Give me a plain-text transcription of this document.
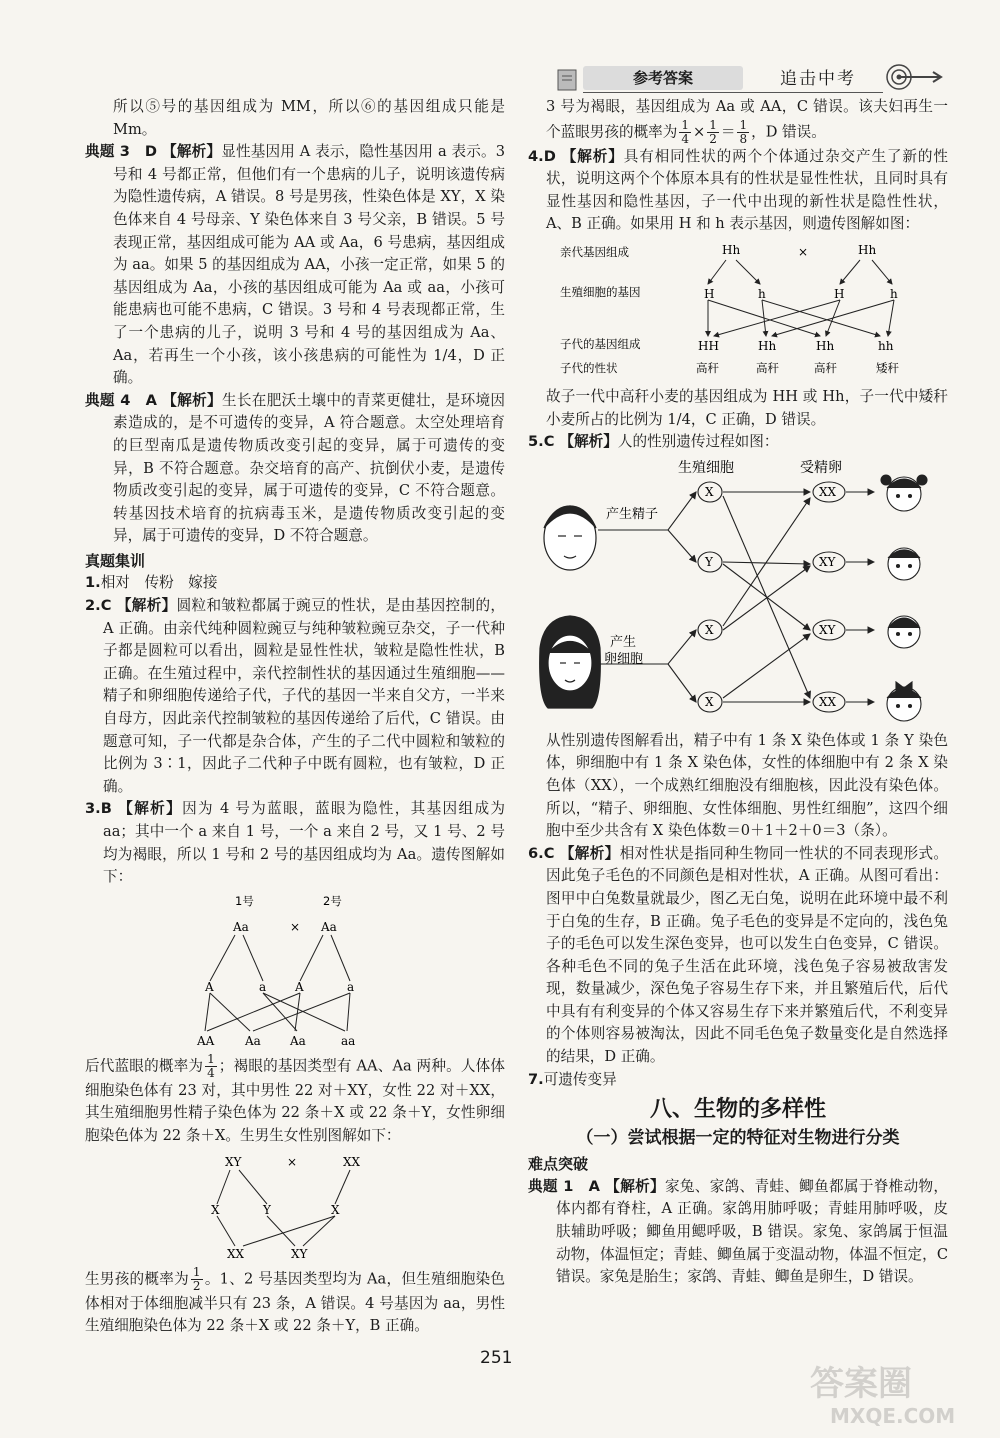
参考答案	追击中考
所以⑤号的基因组成为 MM，所以⑥的基因组成只能是 Mm。
典题 3　D 【解析】显性基因用 A 表示，隐性基因用 a 表示。3 号和 4 号都正常，但他们有一个患病的儿子，说明该遗传病为隐性遗传病，A 错误。8 号是男孩，性染色体是 XY，X 染色体来自 4 号母亲、Y 染色体来自 3 号父亲，B 错误。5 号表现正常，基因组成可能为 AA 或 Aa，6 号患病，基因组成为 aa。如果 5 的基因组成为 AA，小孩一定正常，如果 5 的基因组成为 Aa，小孩的基因组成可能为 Aa 或 aa，小孩可能患病也可能不患病，C 错误。3 号和 4 号表现都正常，生了一个患病的儿子，说明 3 号和 4 号的基因组成为 Aa、Aa，若再生一个小孩，该小孩患病的可能性为 1/4，D 正确。
典题 4　A 【解析】生长在肥沃土壤中的青菜更健壮，是环境因素造成的，是不可遗传的变异，A 符合题意。太空处理培育的巨型南瓜是遗传物质改变引起的变异，属于可遗传的变异，B 不符合题意。杂交培育的高产、抗倒伏小麦，是遗传物质改变引起的变异，属于可遗传的变异，C 不符合题意。转基因技术培育的抗病毒玉米，是遗传物质改变引起的变异，属于可遗传的变异，D 不符合题意。
真题集训
1.相对　传粉　嫁接
2.C 【解析】圆粒和皱粒都属于豌豆的性状，是由基因控制的，A 正确。由亲代纯种圆粒豌豆与纯种皱粒豌豆杂交，子一代种子都是圆粒可以看出，圆粒是显性性状，皱粒是隐性性状，B 正确。在生殖过程中，亲代控制性状的基因通过生殖细胞——精子和卵细胞传递给子代，子代的基因一半来自父方，一半来自母方，因此亲代控制皱粒的基因传递给了后代，C 错误。由题意可知，子一代都是杂合体，产生的子二代中圆粒和皱粒的比例为 3∶1，因此子二代种子中既有圆粒，也有皱粒，D 正确。
3.B 【解析】因为 4 号为蓝眼，蓝眼为隐性，其基因组成为 aa；其中一个 a 来自 1 号，一个 a 来自 2 号，又 1 号、2 号均为褐眼，所以 1 号和 2 号的基因组成均为 Aa。遗传图解如下：
1号	2号
Aa	× Aa
A	a A	a
AA	Aa Aa	aa
后代蓝眼的概率为 $\frac{1}{4}$ ；褐眼的基因类型有 AA、Aa 两种。人体体细胞染色体有 23 对，其中男性 22 对＋XY，女性 22 对＋XX，其生殖细胞男性精子染色体为 22 条＋X 或 22 条＋Y，女性卵细胞染色体为 22 条＋X。生男生女性别图解如下：
XY	×	XX
X	Y	X
XX	XY
生男孩的概率为 $\frac{1}{2}$ 。1、2 号基因类型均为 Aa，但生殖细胞染色体相对于体细胞减半只有 23 条，A 错误。4 号基因为 aa，男性生殖细胞染色体为 22 条＋X 或 22 条＋Y，B 正确。
3 号为褐眼，基因组成为 Aa 或 AA，C 错误。该夫妇再生一个蓝眼男孩的概率为 $\frac{1}{4} \times \frac{1}{2} = \frac{1}{8}$ ，D 错误。
4.D 【解析】具有相同性状的两个个体通过杂交产生了新的性状，说明这两个个体原本具有的性状是显性性状，且同时具有显性基因和隐性基因，子一代中出现的新性状是隐性性状，A、B 正确。如果用 H 和 h 表示基因，则遗传图解如图：
亲代基因组成
生殖细胞的基因
子代的基因组成
子代的性状
Hh	×	Hh
H	h	H	h
HH	Hh	Hh	hh
高秆	高秆	高秆	矮秆
故子一代中高秆小麦的基因组成为 HH 或 Hh，子一代中矮秆小麦所占的比例为 1/4，C 正确，D 错误。
5.C 【解析】人的性别遗传过程如图：
生殖细胞	受精卵
产生精子
产生
卵细胞
X
Y
X
X
XX
XY
XY
XX
从性别遗传图解看出，精子中有 1 条 X 染色体或 1 条 Y 染色体，卵细胞中有 1 条 X 染色体，女性的体细胞中有 2 条 X 染色体（XX），一个成熟红细胞没有细胞核，因此没有染色体。所以，“精子、卵细胞、女性体细胞、男性红细胞”，这四个细胞中至少共含有 X 染色体数＝0＋1＋2＋0＝3（条）。
6.C 【解析】相对性状是指同种生物同一性状的不同表现形式。因此兔子毛色的不同颜色是相对性状，A 正确。从图可看出：图甲中白兔数量就最少，图乙无白兔，说明在此环境中最不利于白兔的生存，B 正确。兔子毛色的变异是不定向的，浅色兔子的毛色可以发生深色变异，也可以发生白色变异，C 错误。各种毛色不同的兔子生活在此环境，浅色兔子容易被敌害发现，数量减少，深色兔子容易生存下来，并且繁殖后代，后代中具有有利变异的个体又容易生存下来并繁殖后代，不利变异的个体则容易被淘汰，因此不同毛色兔子数量变化是自然选择的结果，D 正确。
7.可遗传变异
八、生物的多样性
（一）尝试根据一定的特征对生物进行分类
难点突破
典题 1　A 【解析】家兔、家鸽、青蛙、鲫鱼都属于脊椎动物，体内都有脊柱，A 正确。家鸽用肺呼吸；青蛙用肺呼吸，皮肤辅助呼吸；鲫鱼用鳃呼吸，B 错误。家兔、家鸽属于恒温动物，体温恒定；青蛙、鲫鱼属于变温动物，体温不恒定，C 错误。家兔是胎生；家鸽、青蛙、鲫鱼是卵生，D 错误。
251
答案圈
MXQE.COM
